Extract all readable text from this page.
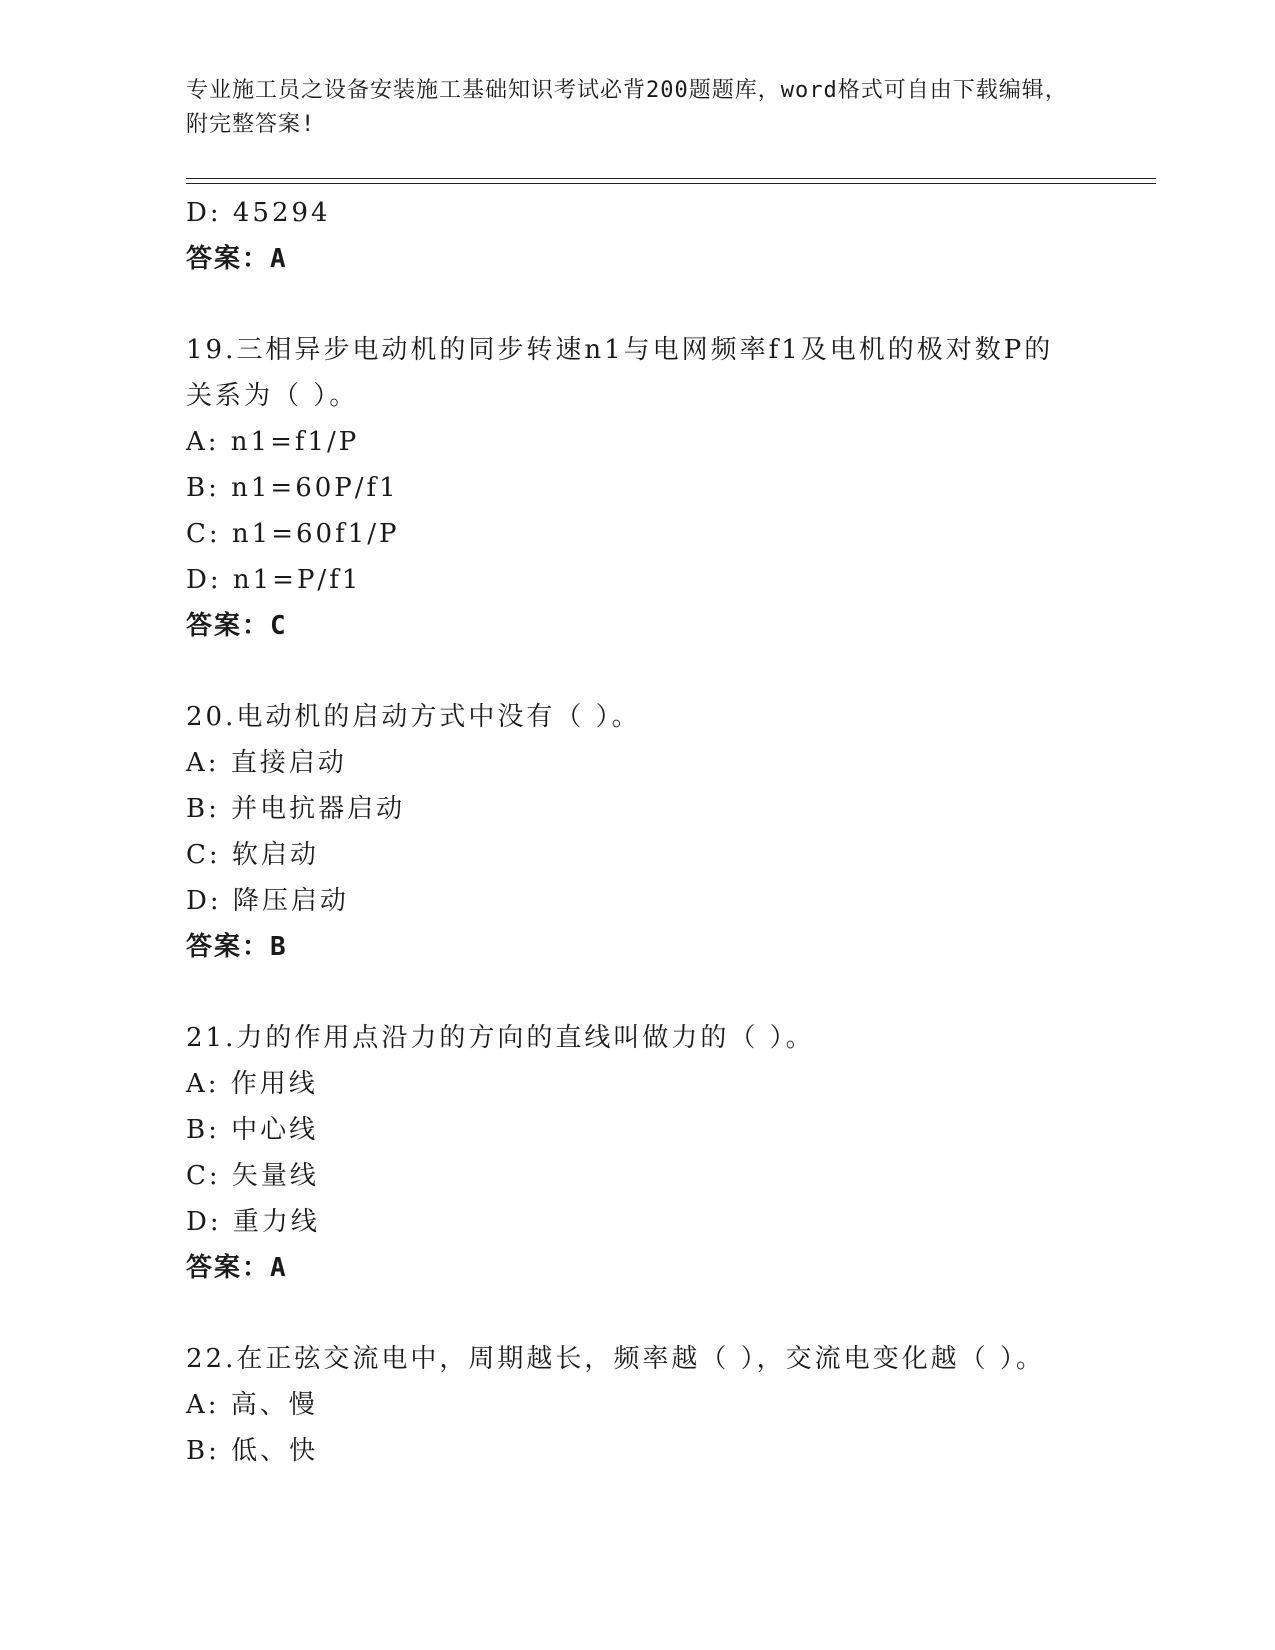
专业施工员之设备安装施工基础知识考试必背200题题库，word格式可自由下载编辑，附完整答案!
D: 45294
答案：A
19.三相异步电动机的同步转速n1与电网频率f1及电机的极对数P的
关系为（ ）。
A: n1=f1/P
B: n1=60P/f1
C: n1=60f1/P
D: n1=P/f1
答案：C
20.电动机的启动方式中没有（ ）。
A: 直接启动
B: 并电抗器启动
C: 软启动
D: 降压启动
答案：B
21.力的作用点沿力的方向的直线叫做力的（ ）。
A: 作用线
B: 中心线
C: 矢量线
D: 重力线
答案：A
22.在正弦交流电中，周期越长，频率越（ ），交流电变化越（ ）。
A: 高、慢
B: 低、快
